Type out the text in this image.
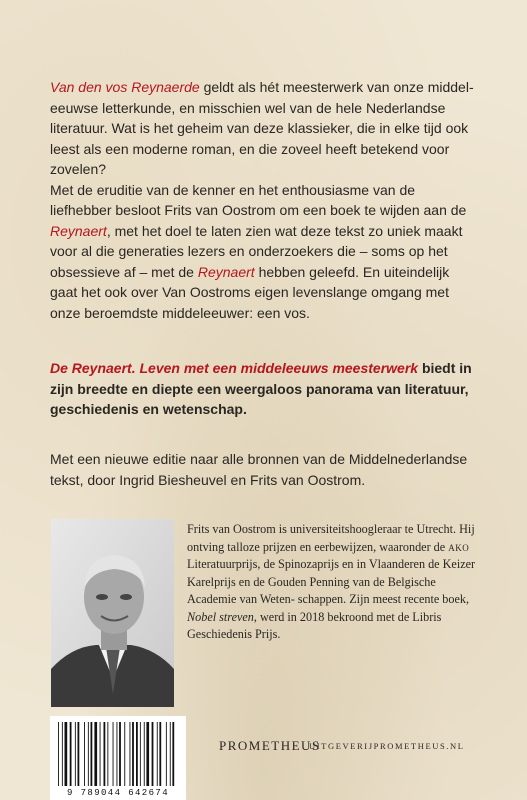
Van den vos Reynaerde geldt als hét meesterwerk van onze middel- eeuwse letterkunde, en misschien wel van de hele Nederlandse literatuur. Wat is het geheim van deze klassieker, die in elke tijd ook leest als een moderne roman, en die zoveel heeft betekend voor zovelen?
Met de eruditie van de kenner en het enthousiasme van de liefhebber besloot Frits van Oostrom om een boek te wijden aan de Reynaert, met het doel te laten zien wat deze tekst zo uniek maakt voor al die generaties lezers en onderzoekers die – soms op het obsessieve af – met de Reynaert hebben geleefd. En uiteindelijk gaat het ook over Van Oostroms eigen levenslange omgang met onze beroemdste middeleeuwer: een vos.
De Reynaert. Leven met een middeleeuws meesterwerk biedt in zijn breedte en diepte een weergaloos panorama van literatuur, geschiedenis en wetenschap.
Met een nieuwe editie naar alle bronnen van de Middelnederlandse tekst, door Ingrid Biesheuvel en Frits van Oostrom.
Frits van Oostrom is universiteitshoogleraar te Utrecht. Hij ontving talloze prijzen en eerbewijzen, waaronder de ako Literatuurprijs, de Spinozaprijs en in Vlaanderen de Keizer Karelprijs en de Gouden Penning van de Belgische Academie van Weten- schappen. Zijn meest recente boek, Nobel streven, werd in 2018 bekroond met de Libris Geschiedenis Prijs.
9 789044 642674
PROMETHEUS
UITGEVERIJPROMETHEUS.NL
